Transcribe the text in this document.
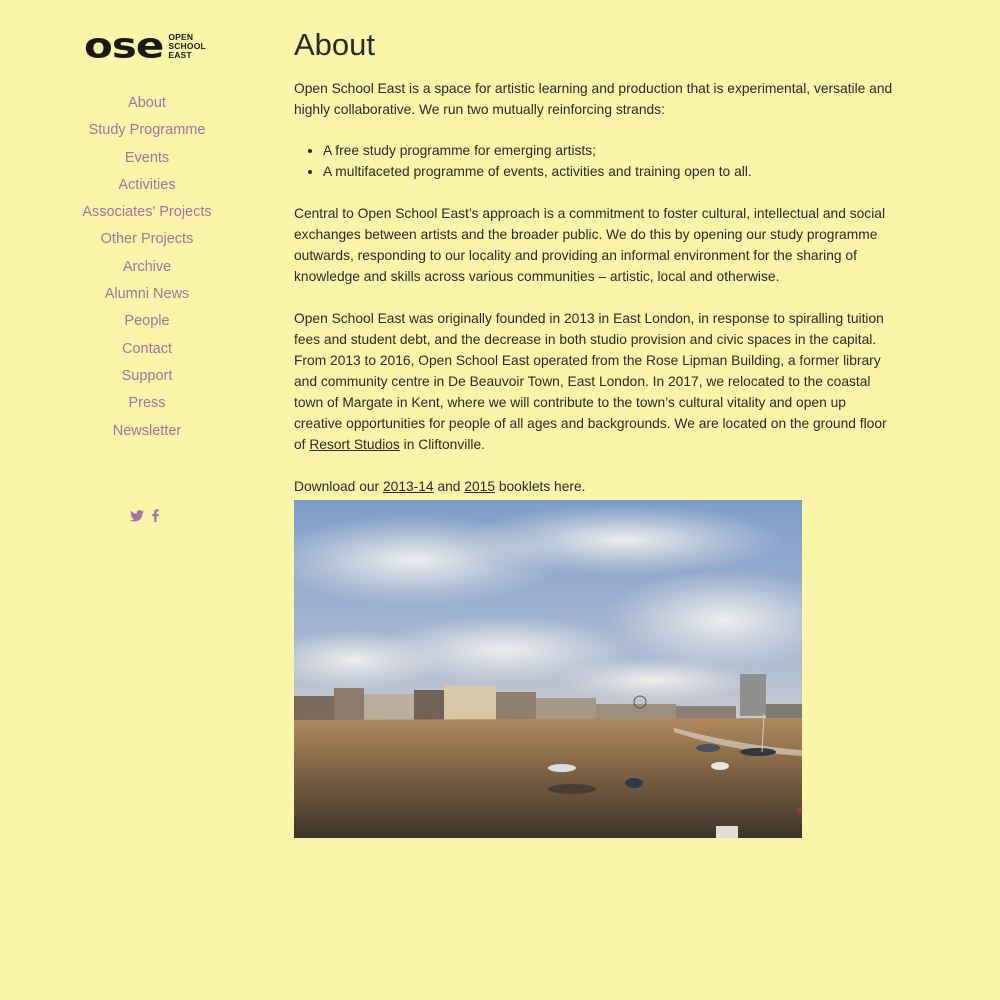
ose OPEN
SCHOOL
EAST
About
Study Programme
Events
Activities
Associates' Projects
Other Projects
Archive
Alumni News
People
Contact
Support
Press
Newsletter
About

Open School East is a space for artistic learning and production that is experimental, versatile and highly collaborative. We run two mutually reinforcing strands:

• A free study programme for emerging artists;
• A multifaceted programme of events, activities and training open to all.

Central to Open School East’s approach is a commitment to foster cultural, intellectual and social exchanges between artists and the broader public. We do this by opening our study programme outwards, responding to our locality and providing an informal environment for the sharing of knowledge and skills across various communities – artistic, local and otherwise.

Open School East was originally founded in 2013 in East London, in response to spiralling tuition fees and student debt, and the decrease in both studio provision and civic spaces in the capital. From 2013 to 2016, Open School East operated from the Rose Lipman Building, a former library and community centre in De Beauvoir Town, East London. In 2017, we relocated to the coastal town of Margate in Kent, where we will contribute to the town’s cultural vitality and open up creative opportunities for people of all ages and backgrounds. We are located on the ground floor of Resort Studios in Cliftonville.

Download our 2013-14 and 2015 booklets here.
